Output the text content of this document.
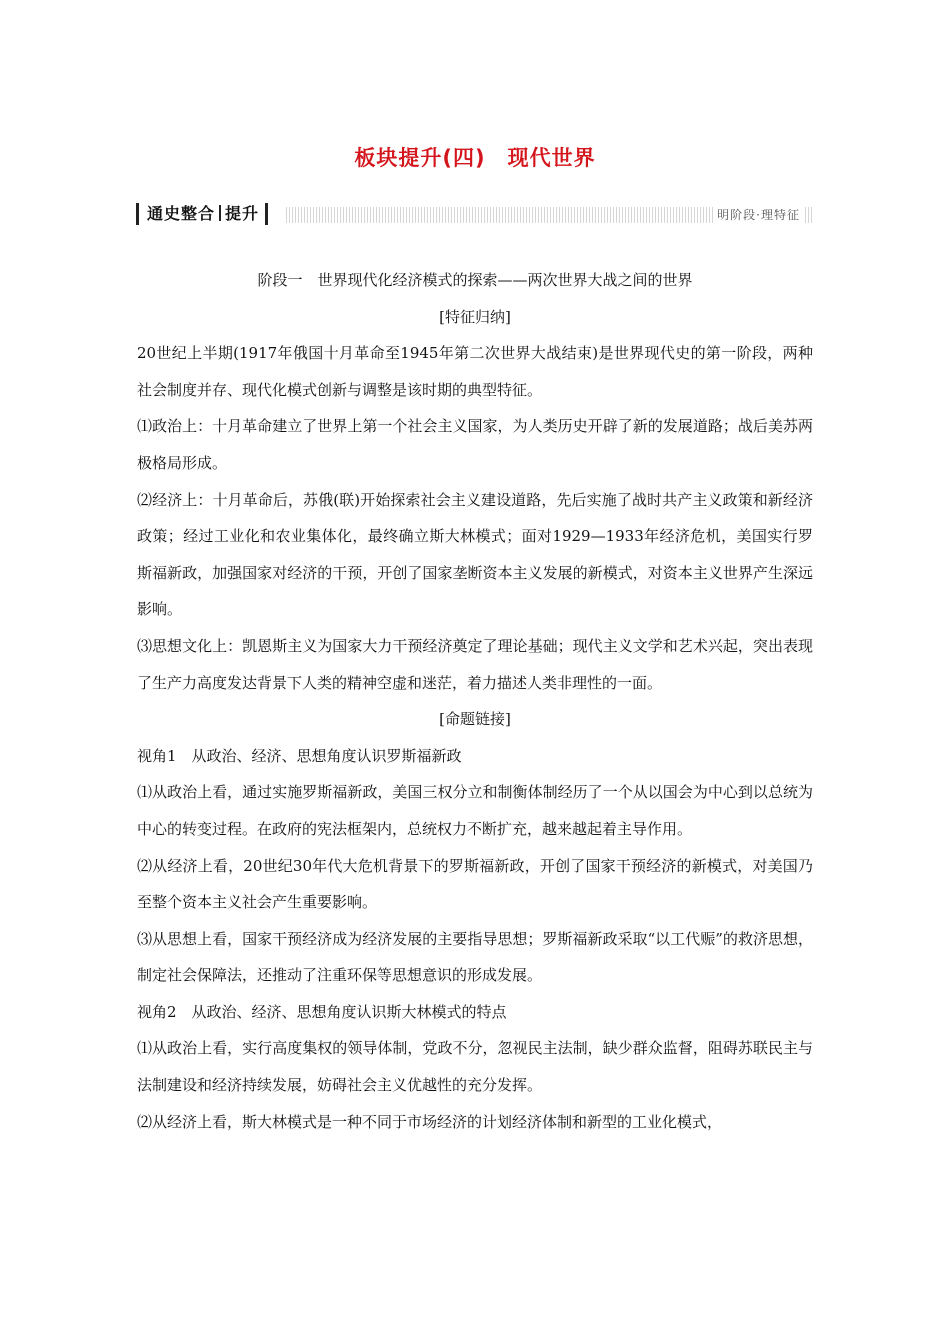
板块提升(四)　现代世界
通史整合 提升	明阶段·理特征

阶段一　世界现代化经济模式的探索——两次世界大战之间的世界

[特征归纳]

20世纪上半期(1917年俄国十月革命至1945年第二次世界大战结束)是世界现代史的第一阶段，两种社会制度并存、现代化模式创新与调整是该时期的典型特征。

⑴政治上：十月革命建立了世界上第一个社会主义国家，为人类历史开辟了新的发展道路；战后美苏两极格局形成。

⑵经济上：十月革命后，苏俄(联)开始探索社会主义建设道路，先后实施了战时共产主义政策和新经济政策；经过工业化和农业集体化，最终确立斯大林模式；面对1929—1933年经济危机，美国实行罗斯福新政，加强国家对经济的干预，开创了国家垄断资本主义发展的新模式，对资本主义世界产生深远影响。

⑶思想文化上：凯恩斯主义为国家大力干预经济奠定了理论基础；现代主义文学和艺术兴起，突出表现了生产力高度发达背景下人类的精神空虚和迷茫，着力描述人类非理性的一面。

[命题链接]

视角1　从政治、经济、思想角度认识罗斯福新政

⑴从政治上看，通过实施罗斯福新政，美国三权分立和制衡体制经历了一个从以国会为中心到以总统为中心的转变过程。在政府的宪法框架内，总统权力不断扩充，越来越起着主导作用。

⑵从经济上看，20世纪30年代大危机背景下的罗斯福新政，开创了国家干预经济的新模式，对美国乃至整个资本主义社会产生重要影响。

⑶从思想上看，国家干预经济成为经济发展的主要指导思想；罗斯福新政采取“以工代赈”的救济思想，制定社会保障法，还推动了注重环保等思想意识的形成发展。

视角2　从政治、经济、思想角度认识斯大林模式的特点

⑴从政治上看，实行高度集权的领导体制，党政不分，忽视民主法制，缺少群众监督，阻碍苏联民主与法制建设和经济持续发展，妨碍社会主义优越性的充分发挥。

⑵从经济上看，斯大林模式是一种不同于市场经济的计划经济体制和新型的工业化模式，
